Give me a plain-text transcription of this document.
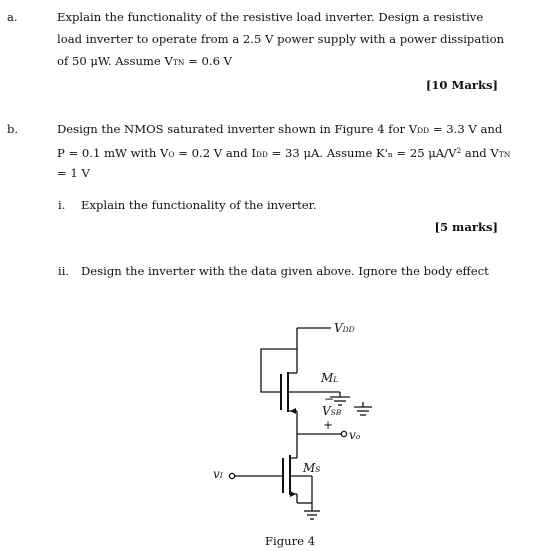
a.	Explain the functionality of the resistive load inverter. Design a resistive
load inverter to operate from a 2.5 V power supply with a power dissipation
of 50 μW. Assume VTN = 0.6 V
[10 Marks]
b.	Design the NMOS saturated inverter shown in Figure 4 for VDD = 3.3 V and
P = 0.1 mW with VO = 0.2 V and IDD = 33 μA. Assume K'n = 25 $\mu A/V^2$ and VTN
= 1 V
i. Explain the functionality of the inverter.
[5 marks]
ii. Design the inverter with the data given above. Ignore the body effect
VDD
ML
−
VSB
+
vo
vI
MS
Figure 4
